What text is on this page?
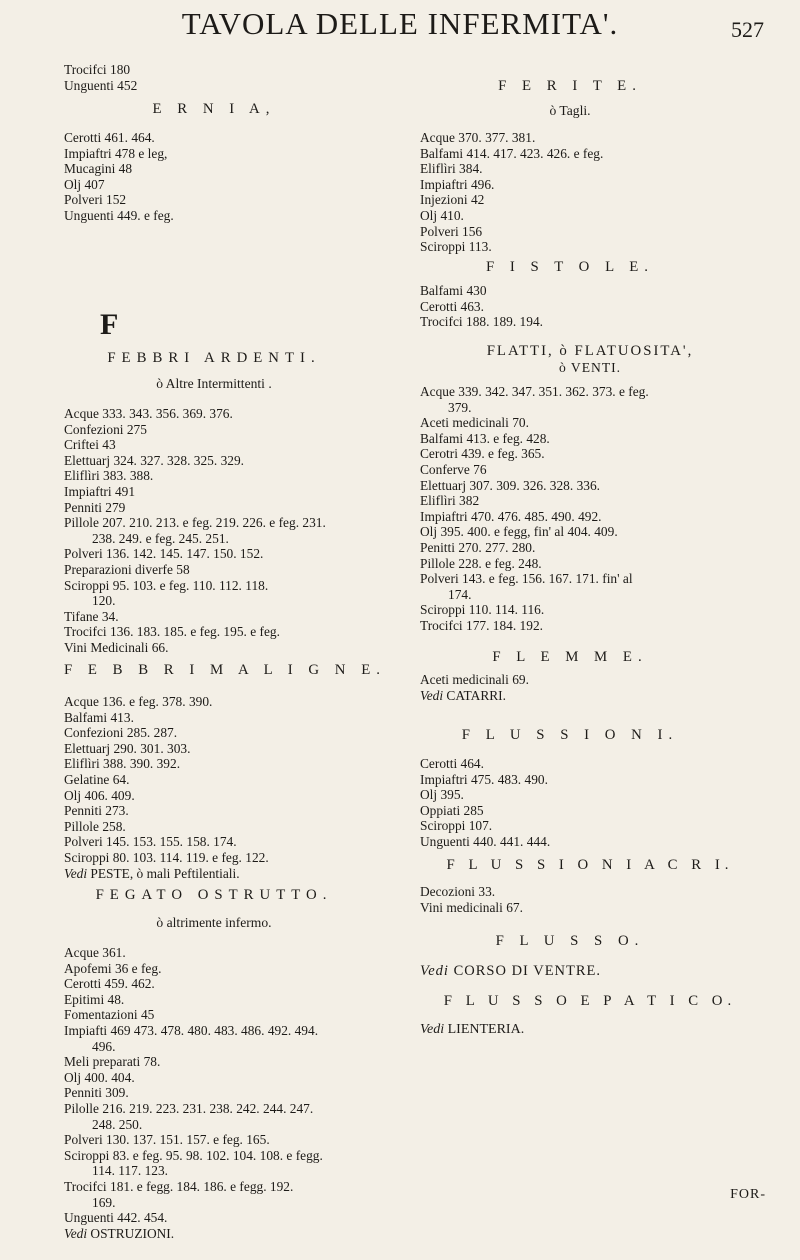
TAVOLA DELLE INFERMITA'.	527
Trocifci 180
Unguenti 452
E R N I A,
Cerotti 461. 464.
Impiaftri 478 e leg,
Mucagini 48
Olj 407
Polveri 152
Unguenti 449. e feg.
F
FEBBRI ARDENTI.
ò Altre Intermittenti .
Acque 333. 343. 356. 369. 376.
Confezioni 275
Criftei 43
Elettuarj 324. 327. 328. 325. 329.
Eliflìri 383. 388.
Impiaftri 491
Penniti 279
Pillole 207. 210. 213. e feg. 219. 226. e feg. 231.
238. 249. e feg. 245. 251.
Polveri 136. 142. 145. 147. 150. 152.
Preparazioni diverfe 58
Sciroppi 95. 103. e feg. 110. 112. 118.
120.
Tifane 34.
Trocifci 136. 183. 185. e feg. 195. e feg.
Vini Medicinali 66.
F E B B R I M A L I G N E.
Acque 136. e feg. 378. 390.
Balfami 413.
Confezioni 285. 287.
Elettuarj 290. 301. 303.
Eliflìri 388. 390. 392.
Gelatine 64.
Olj 406. 409.
Penniti 273.
Pillole 258.
Polveri 145. 153. 155. 158. 174.
Sciroppi 80. 103. 114. 119. e feg. 122.
Vedi PESTE, ò mali Peftilentiali.
FEGATO OSTRUTTO.
ò altrimente infermo.
Acque 361.
Apofemi 36 e feg.
Cerotti 459. 462.
Epitimi 48.
Fomentazioni 45
Impiafti 469 473. 478. 480. 483. 486. 492. 494.
496.
Meli preparati 78.
Olj 400. 404.
Penniti 309.
Pilolle 216. 219. 223. 231. 238. 242. 244. 247.
248. 250.
Polveri 130. 137. 151. 157. e feg. 165.
Sciroppi 83. e feg. 95. 98. 102. 104. 108. e fegg.
114. 117. 123.
Trocifci 181. e fegg. 184. 186. e fegg. 192.
169.
Unguenti 442. 454.
Vedi OSTRUZIONI.
F E R I T E.
ò Tagli.
Acque 370. 377. 381.
Balfami 414. 417. 423. 426. e feg.
Eliflìri 384.
Impiaftri 496.
Injezioni 42
Olj 410.
Polveri 156
Sciroppi 113.
F I S T O L E.
Balfami 430
Cerotti 463.
Trocifci 188. 189. 194.
FLATTI, ò FLATUOSITA',
ò VENTI.
Acque 339. 342. 347. 351. 362. 373. e feg.
379.
Aceti medicinali 70.
Balfami 413. e feg. 428.
Cerotri 439. e feg. 365.
Conferve 76
Elettuarj 307. 309. 326. 328. 336.
Eliflìri 382
Impiaftri 470. 476. 485. 490. 492.
Olj 395. 400. e fegg, fin' al 404. 409.
Penitti 270. 277. 280.
Pillole 228. e feg. 248.
Polveri 143. e feg. 156. 167. 171. fin' al
174.
Sciroppi 110. 114. 116.
Trocifci 177. 184. 192.
F L E M M E.
Aceti medicinali 69.
Vedi CATARRI.
F L U S S I O N I.
Cerotti 464.
Impiaftri 475. 483. 490.
Olj 395.
Oppiati 285
Sciroppi 107.
Unguenti 440. 441. 444.
F L U S S I O N I A C R I.
Decozioni 33.
Vini medicinali 67.
F L U S S O.
Vedi CORSO DI VENTRE.
F L U S S O E P A T I C O.
Vedi LIENTERIA.
FOR-
